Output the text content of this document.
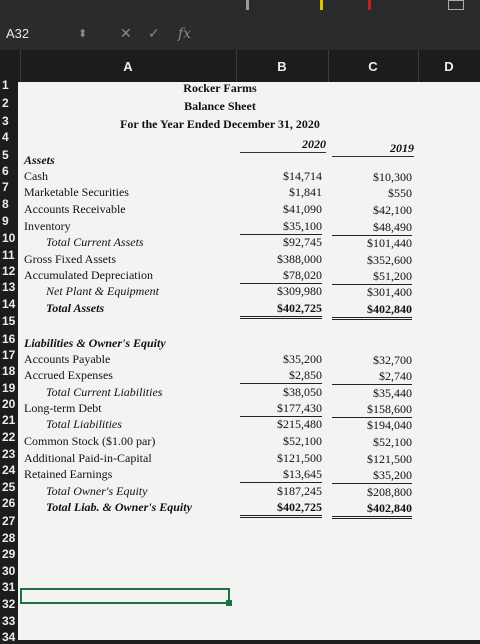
A32	⬍ ✕ ✓ fx
A	B	C	D
1
2
3
4
5
6
7
8
9
10
11
12
13
14
15
16
17
18
19
20
21
22
23
24
25
26
27
28
29
30
31
32
33
34
Rocker Farms
Balance Sheet
For the Year Ended December 31, 2020
2020	2019
Assets
Cash	$14,714	$10,300
Marketable Securities	$1,841	$550
Accounts Receivable	$41,090	$42,100
Inventory	$35,100	$48,490
Total Current Assets	$92,745	$101,440
Gross Fixed Assets	$388,000	$352,600
Accumulated Depreciation	$78,020	$51,200
Net Plant & Equipment	$309,980	$301,400
Total Assets	$402,725	$402,840
Liabilities & Owner's Equity
Accounts Payable	$35,200	$32,700
Accrued Expenses	$2,850	$2,740
Total Current Liabilities	$38,050	$35,440
Long-term Debt	$177,430	$158,600
Total Liabilities	$215,480	$194,040
Common Stock ($1.00 par)	$52,100	$52,100
Additional Paid-in-Capital	$121,500	$121,500
Retained Earnings	$13,645	$35,200
Total Owner's Equity	$187,245	$208,800
Total Liab. & Owner's Equity	$402,725	$402,840
